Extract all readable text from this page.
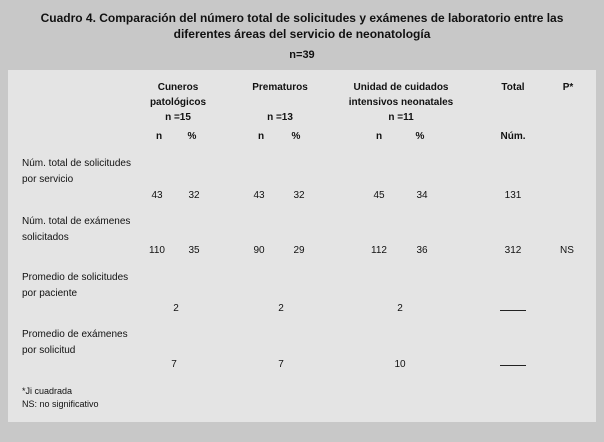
Cuadro 4. Comparación del número total de solicitudes y exámenes de laboratorio entre las
diferentes áreas del servicio de neonatología
n=39
Cuneros
patológicos
n =15
Prematuros

n =13
Unidad de cuidados
intensivos neonatales
n =11
Total	P*
n	%	n	%	n	%	Núm.
Núm. total de solicitudes por servicio
43	32	43	32	45	34	131
Núm. total de exámenes solicitados
110	35	90	29	112	36	312	NS
Promedio de solicitudes por paciente
2	2	2
Promedio de exámenes por solicitud
7	7	10
*Ji cuadrada
NS: no significativo
